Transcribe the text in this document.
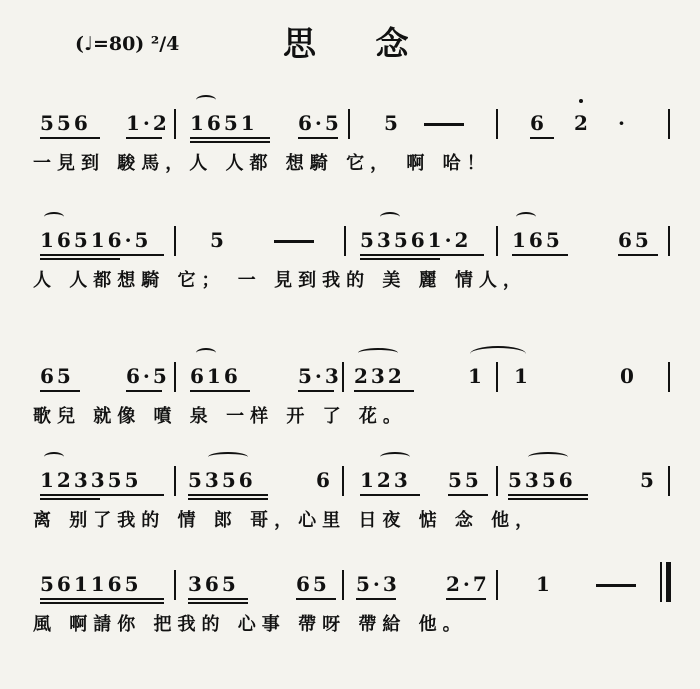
(♩=80) ²/4	思 念
556 1·2 1651 6·5 5	6 2 ·
一見到 駿馬，人 人都 想騎 它， 啊 哈！
16516·5	5	53561·2 165	65
人 人都想騎 它； 一 見到我的 美 麗 情人，
65	6·5 616	5·3 232	1 1	0
歌兒 就像 噴 泉 一样 开 了 花。
123355 5356	6 123 55 5356	5
离 别了我的 情 郎 哥，心里 日夜 惦 念 他，
561165 365	65 5·3 2·7 1
風 啊請你 把我的 心事 帶呀 帶給 他。
